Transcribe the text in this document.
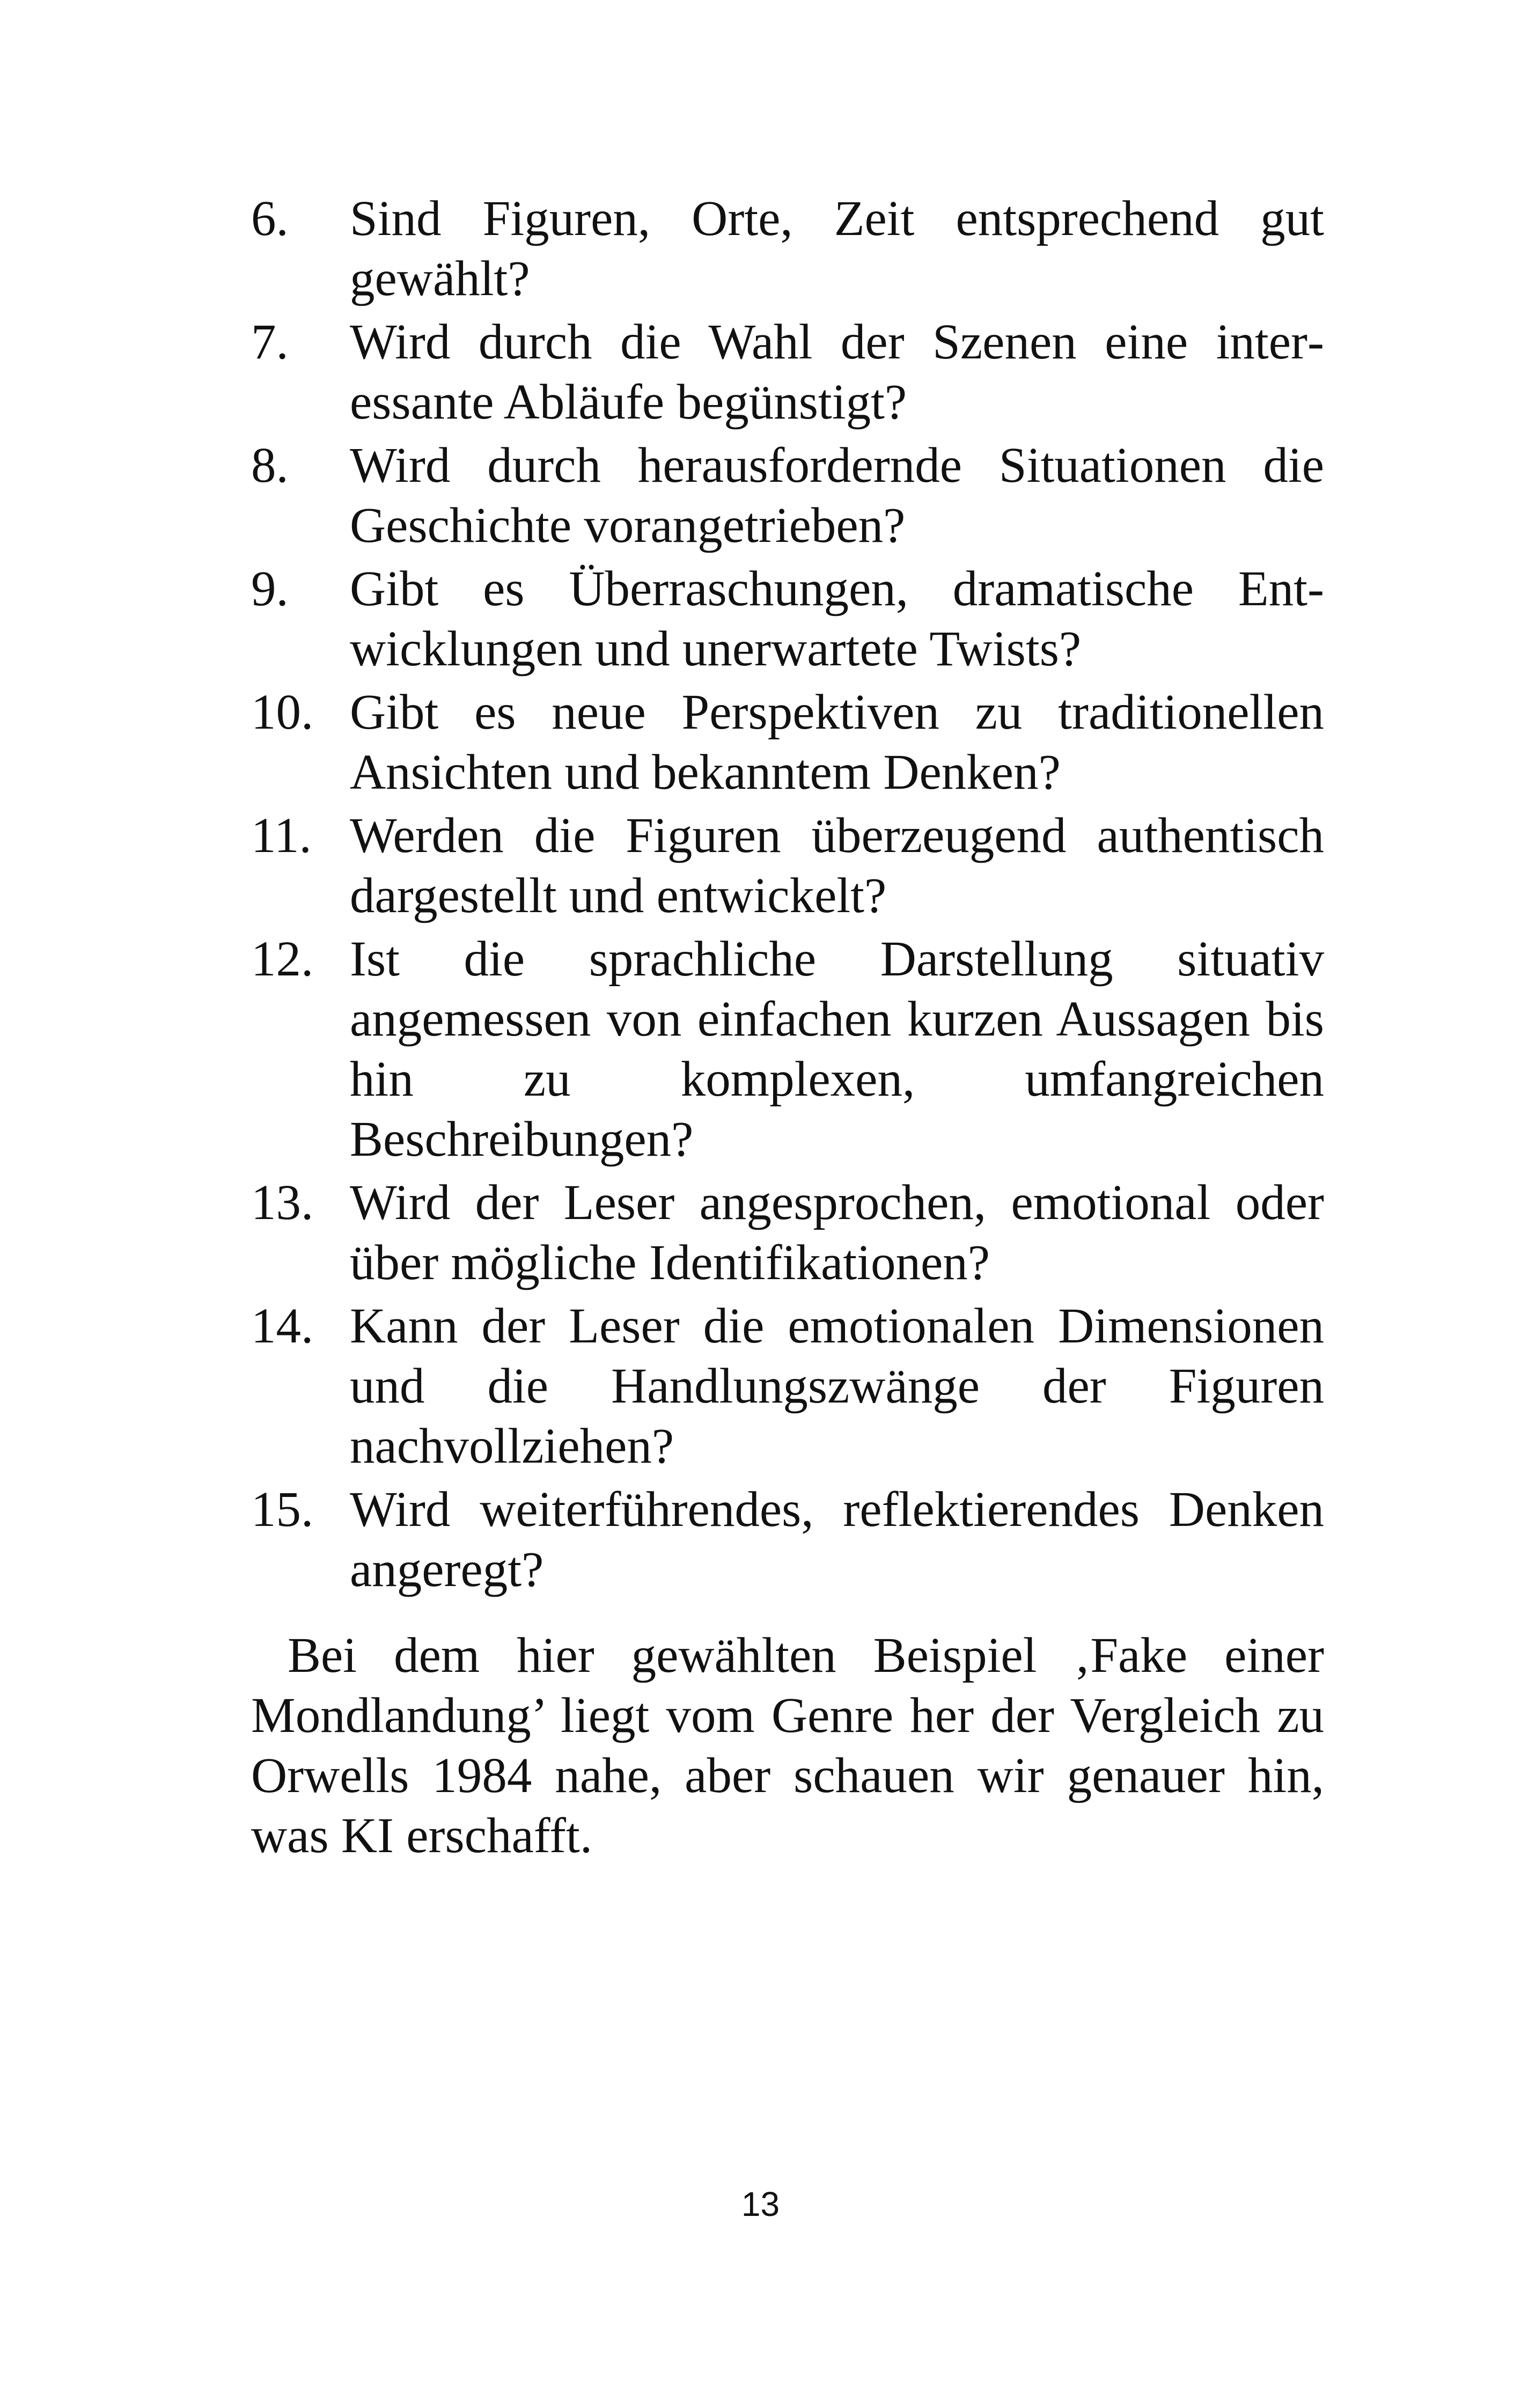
6.	Sind Figuren, Orte, Zeit entsprechend gut gewählt?
7.	Wird durch die Wahl der Szenen eine interessante Abläufe begünstigt?
8.	Wird durch herausfordernde Situationen die Geschichte vorangetrieben?
9.	Gibt es Überraschungen, dramatische Entwicklungen und unerwartete Twists?
10. Gibt es neue Perspektiven zu traditionellen Ansichten und bekanntem Denken?
11. Werden die Figuren überzeugend authentisch dargestellt und entwickelt?
12. Ist die sprachliche Darstellung situativ angemessen von einfachen kurzen Aussagen bis hin zu komplexen, umfangreichen Beschreibungen?
13. Wird der Leser angesprochen, emotional oder über mögliche Identifikationen?
14. Kann der Leser die emotionalen Dimensionen und die Handlungszwänge der Figuren nachvollziehen?
15. Wird weiterführendes, reflektierendes Denken angeregt?

Bei dem hier gewählten Beispiel ‚Fake einer Mondlandung’ liegt vom Genre her der Vergleich zu Orwells 1984 nahe, aber schauen wir genauer hin, was KI erschafft.

13
